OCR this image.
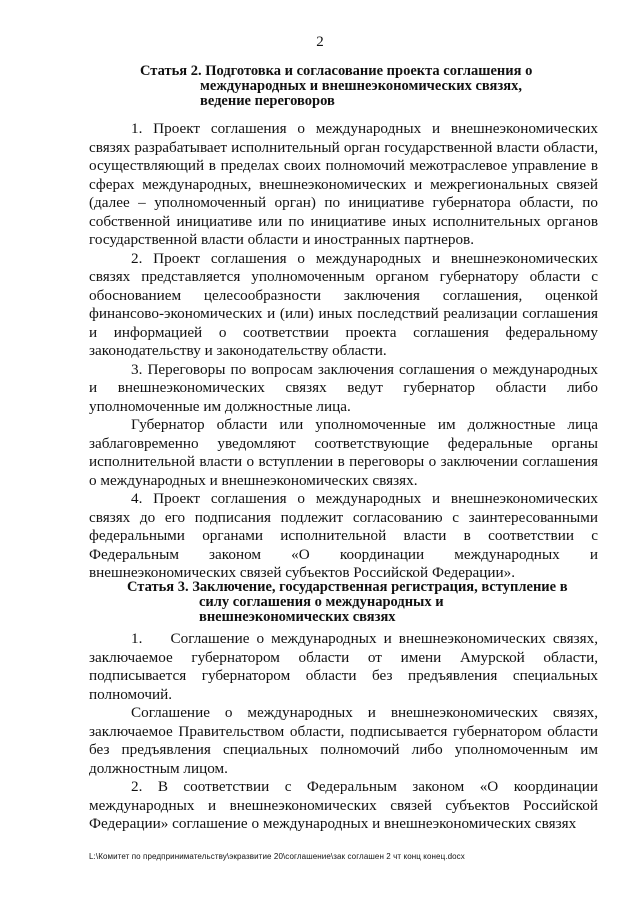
2
Статья 2. Подготовка и согласование проекта соглашения о
международных и внешнеэкономических связях,
ведение переговоров
1. Проект соглашения о международных и внешнеэкономических связях разрабатывает исполнительный орган государственной власти области, осуществляющий в пределах своих полномочий межотраслевое управление в сферах международных, внешнеэкономических и межрегиональных связей (далее – уполномоченный орган) по инициативе губернатора области, по собственной инициативе или по инициативе иных исполнительных органов государственной власти области и иностранных партнеров.
2. Проект соглашения о международных и внешнеэкономических связях представляется уполномоченным органом губернатору области с обоснованием целесообразности заключения соглашения, оценкой финансово-экономических и (или) иных последствий реализации соглашения и информацией о соответствии проекта соглашения федеральному законодательству и законодательству области.
3. Переговоры по вопросам заключения соглашения о международных и внешнеэкономических связях ведут губернатор области либо уполномоченные им должностные лица.
Губернатор области или уполномоченные им должностные лица заблаговременно уведомляют соответствующие федеральные органы исполнительной власти о вступлении в переговоры о заключении соглашения о международных и внешнеэкономических связях.
4. Проект соглашения о международных и внешнеэкономических связях до его подписания подлежит согласованию с заинтересованными федеральными органами исполнительной власти в соответствии с Федеральным законом «О координации международных и внешнеэкономических связей субъектов Российской Федерации».
Статья 3. Заключение, государственная регистрация, вступление в
силу соглашения о международных и
внешнеэкономических связях
1.    Соглашение о международных и внешнеэкономических связях, заключаемое губернатором области от имени Амурской области, подписывается губернатором области без предъявления специальных полномочий.
Соглашение о международных и внешнеэкономических связях, заключаемое Правительством области, подписывается губернатором области без предъявления специальных полномочий либо уполномоченным им должностным лицом.
2. В соответствии с Федеральным законом «О координации международных и внешнеэкономических связей субъектов Российской Федерации» соглашение о международных и внешнеэкономических связях
L:\Комитет по предпринимательству\экразвитие 20\соглашение\зак соглашен 2 чт конц конец.docx
